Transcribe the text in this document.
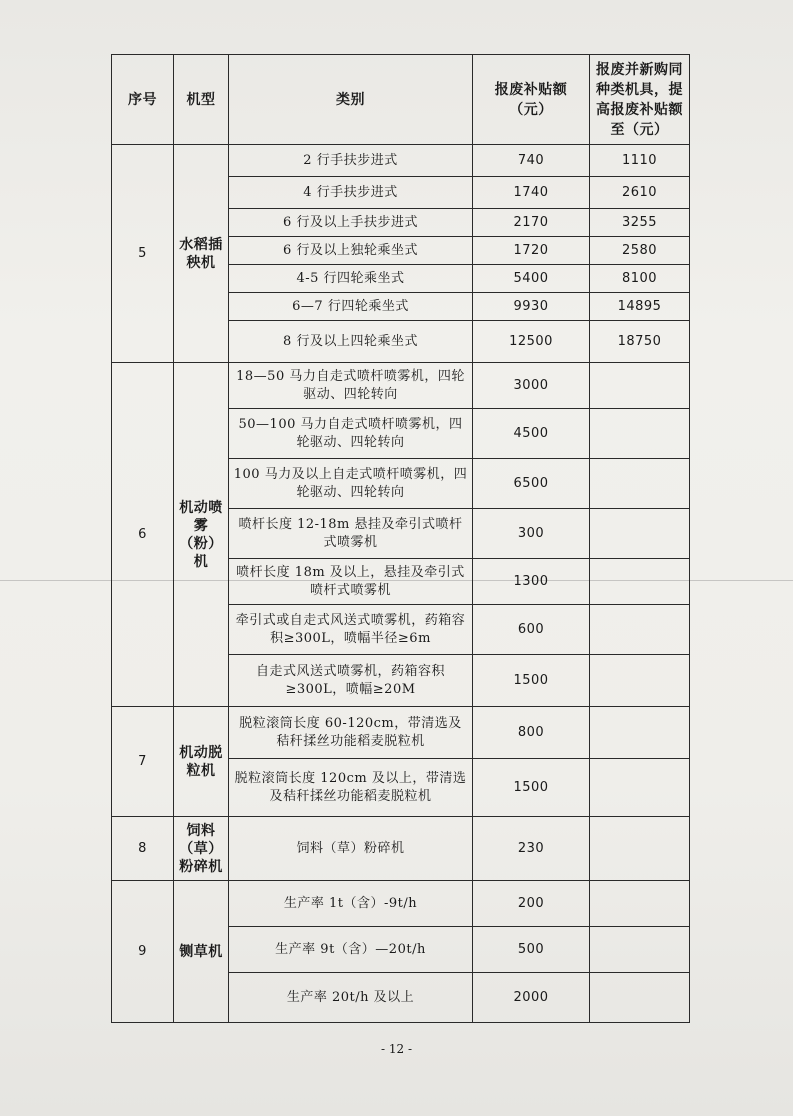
序号	机型	类别	报废补贴额（元）	报废并新购同种类机具，提高报废补贴额至（元）
5	水稻插秧机	2 行手扶步进式	740	1110
		4 行手扶步进式	1740	2610
		6 行及以上手扶步进式	2170	3255
		6 行及以上独轮乘坐式	1720	2580
		4-5 行四轮乘坐式	5400	8100
		6—7 行四轮乘坐式	9930	14895
		8 行及以上四轮乘坐式	12500	18750
6	机动喷雾（粉）机	18—50 马力自走式喷杆喷雾机，四轮驱动、四轮转向	3000	
		50—100 马力自走式喷杆喷雾机，四轮驱动、四轮转向	4500	
		100 马力及以上自走式喷杆喷雾机，四轮驱动、四轮转向	6500	
		喷杆长度 12-18m 悬挂及牵引式喷杆式喷雾机	300	
		喷杆长度 18m 及以上，悬挂及牵引式喷杆式喷雾机	1300	
		牵引式或自走式风送式喷雾机，药箱容积≥300L，喷幅半径≥6m	600	
		自走式风送式喷雾机，药箱容积≥300L，喷幅≥20M	1500	
7	机动脱粒机	脱粒滚筒长度 60-120cm，带清选及秸秆揉丝功能稻麦脱粒机	800	
		脱粒滚筒长度 120cm 及以上，带清选及秸秆揉丝功能稻麦脱粒机	1500	
8	饲料（草）粉碎机	饲料（草）粉碎机	230	
9	铡草机	生产率 1t（含）-9t/h	200	
		生产率 9t（含）—20t/h	500	
		生产率 20t/h 及以上	2000	
- 12 -
